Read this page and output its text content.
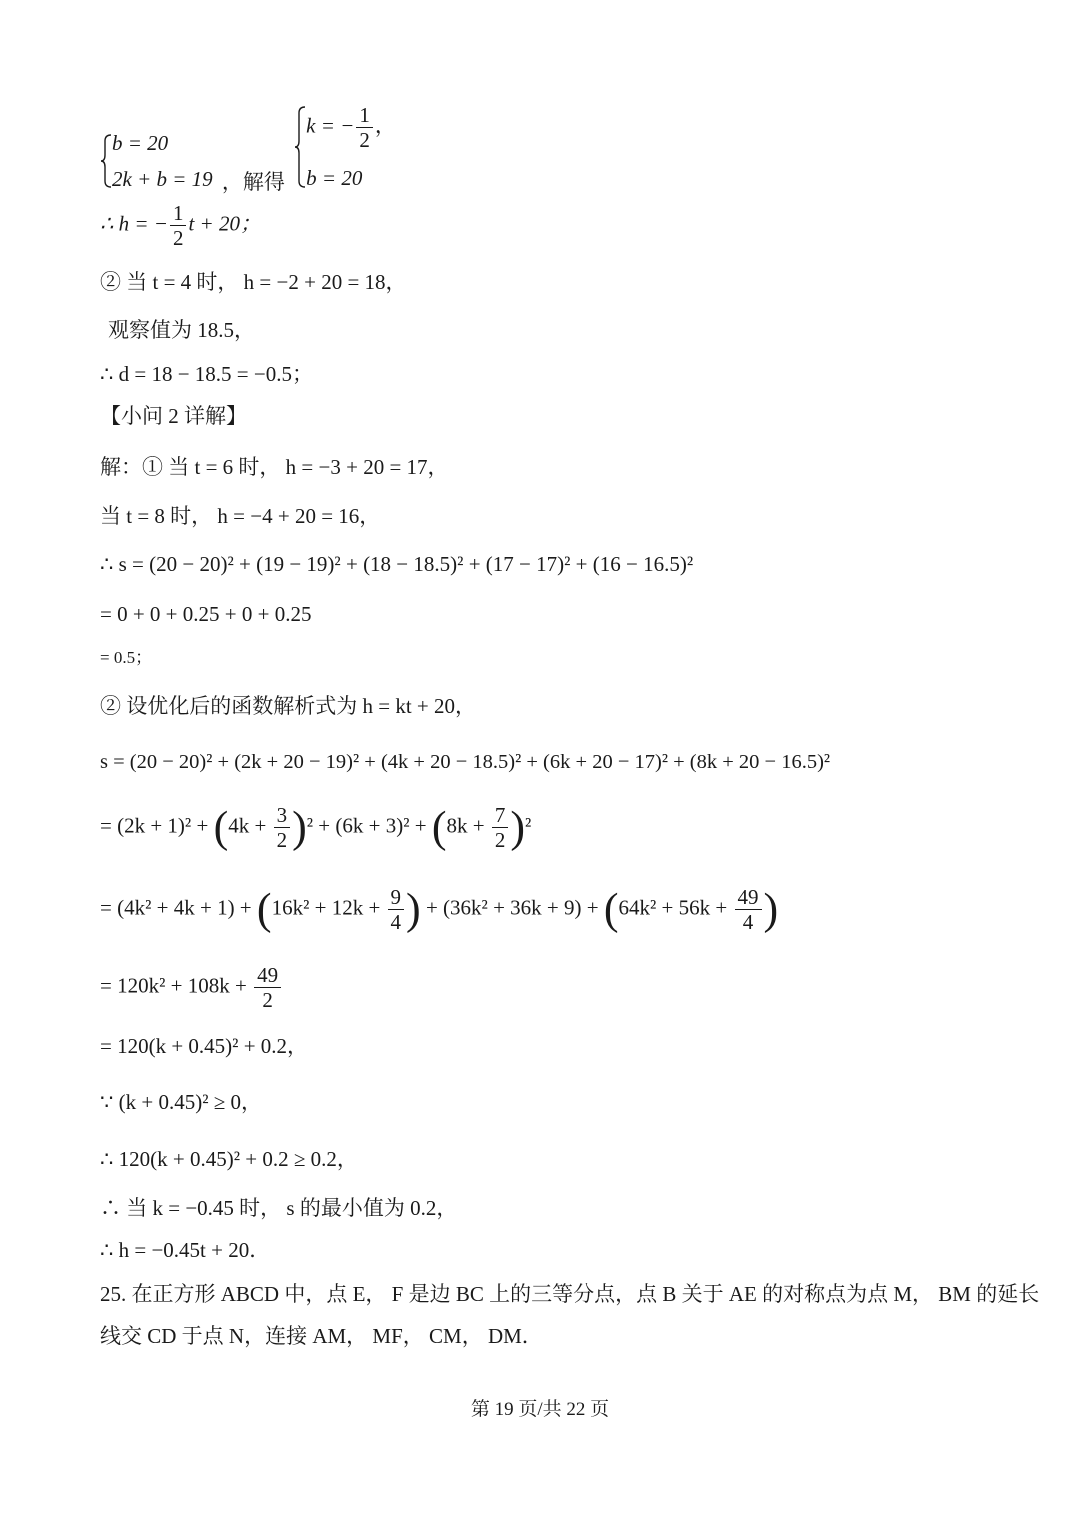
b = 20
2k + b = 19 ，解得
k = − $\frac{1}{2}$ ，
b = 20
∴ h = − $\frac{1}{2}$ t + 20；
② 当 t = 4 时， h = −2 + 20 = 18，
观察值为 18.5，
∴ d = 18 − 18.5 = −0.5；
【小问 2 详解】
解：① 当 t = 6 时， h = −3 + 20 = 17，
当 t = 8 时， h = −4 + 20 = 16，
∴ s = (20 − 20)² + (19 − 19)² + (18 − 18.5)² + (17 − 17)² + (16 − 16.5)²
= 0 + 0 + 0.25 + 0 + 0.25
= 0.5；
② 设优化后的函数解析式为 h = kt + 20，
s = (20 − 20)² + (2k + 20 − 19)² + (4k + 20 − 18.5)² + (6k + 20 − 17)² + (8k + 20 − 16.5)²
= $(2k + 1)^2 + (4k + \frac{3}{2} )^2 + (6k + 3)^2 + (8k + \frac{7}{2} )^2$
= $(4k^2 + 4k + 1) + (16k^2 + 12k + \frac{9}{4}$ ) + $(36k^2 + 36k + 9) + (64k^2 + 56k + \frac{49}{4}$ )
= $120k^2 + 108k + \frac{49}{2}$
= 120(k + 0.45)² + 0.2，
∵ (k + 0.45)² ≥ 0，
∴ 120(k + 0.45)² + 0.2 ≥ 0.2，
∴ 当 k = −0.45 时， s 的最小值为 0.2，
∴ h = −0.45t + 20．
25. 在正方形 ABCD 中，点 E， F 是边 BC 上的三等分点，点 B 关于 AE 的对称点为点 M， BM 的延长
线交 CD 于点 N，连接 AM， MF， CM， DM．
第 19 页/共 22 页
